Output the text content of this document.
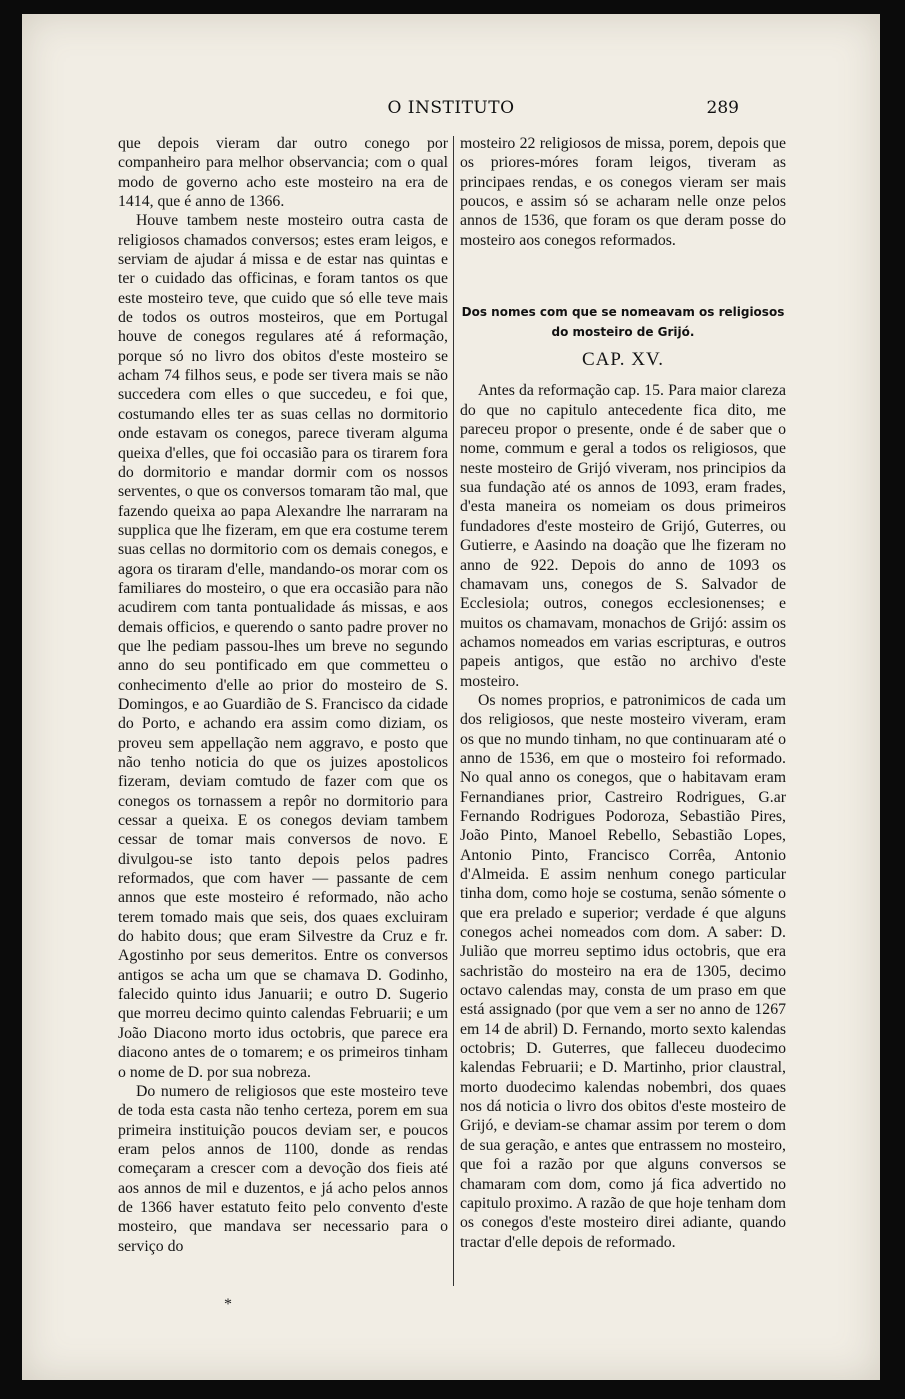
O INSTITUTO	289

que depois vieram dar outro conego por companheiro para melhor observancia; com o qual modo de governo acho este mosteiro na era de 1414, que é anno de 1366.

Houve tambem neste mosteiro outra casta de religiosos chamados conversos; estes eram leigos, e serviam de ajudar á missa e de estar nas quintas e ter o cuidado das officinas, e foram tantos os que este mosteiro teve, que cuido que só elle teve mais de todos os outros mosteiros, que em Portugal houve de conegos regulares até á reformação, porque só no livro dos obitos d'este mosteiro se acham 74 filhos seus, e pode ser tivera mais se não succedera com elles o que succedeu, e foi que, costumando elles ter as suas cellas no dormitorio onde estavam os conegos, parece tiveram alguma queixa d'elles, que foi occasião para os tirarem fora do dormitorio e mandar dormir com os nossos serventes, o que os conversos tomaram tão mal, que fazendo queixa ao papa Alexandre lhe narraram na supplica que lhe fizeram, em que era costume terem suas cellas no dormitorio com os demais conegos, e agora os tiraram d'elle, mandando-os morar com os familiares do mosteiro, o que era occasião para não acudirem com tanta pontualidade ás missas, e aos demais officios, e querendo o santo padre prover no que lhe pediam passou-lhes um breve no segundo anno do seu pontificado em que commetteu o conhecimento d'elle ao prior do mosteiro de S. Domingos, e ao Guardião de S. Francisco da cidade do Porto, e achando era assim como diziam, os proveu sem appellação nem aggravo, e posto que não tenho noticia do que os juizes apostolicos fizeram, deviam comtudo de fazer com que os conegos os tornassem a repôr no dormitorio para cessar a queixa. E os conegos deviam tambem cessar de tomar mais conversos de novo. E divulgou-se isto tanto depois pelos padres reformados, que com haver — passante de cem annos que este mosteiro é reformado, não acho terem tomado mais que seis, dos quaes excluiram do habito dous; que eram Silvestre da Cruz e fr. Agostinho por seus demeritos. Entre os conversos antigos se acha um que se chamava D. Godinho, falecido quinto idus Januarii; e outro D. Sugerio que morreu decimo quinto calendas Februarii; e um João Diacono morto idus octobris, que parece era diacono antes de o tomarem; e os primeiros tinham o nome de D. por sua nobreza.

Do numero de religiosos que este mosteiro teve de toda esta casta não tenho certeza, porem em sua primeira instituição poucos deviam ser, e poucos eram pelos annos de 1100, donde as rendas começaram a crescer com a devoção dos fieis até aos annos de mil e duzentos, e já acho pelos annos de 1366 haver estatuto feito pelo convento d'este mosteiro, que mandava ser necessario para o serviço do

mosteiro 22 religiosos de missa, porem, depois que os priores-móres foram leigos, tiveram as principaes rendas, e os conegos vieram ser mais poucos, e assim só se acharam nelle onze pelos annos de 1536, que foram os que deram posse do mosteiro aos conegos reformados.

Dos nomes com que se nomeavam os religiosos do mosteiro de Grijó.
CAP. XV.

Antes da reformação cap. 15. Para maior clareza do que no capitulo antecedente fica dito, me pareceu propor o presente, onde é de saber que o nome, commum e geral a todos os religiosos, que neste mosteiro de Grijó viveram, nos principios da sua fundação até os annos de 1093, eram frades, d'esta maneira os nomeiam os dous primeiros fundadores d'este mosteiro de Grijó, Guterres, ou Gutierre, e Aasindo na doação que lhe fizeram no anno de 922. Depois do anno de 1093 os chamavam uns, conegos de S. Salvador de Ecclesiola; outros, conegos ecclesionenses; e muitos os chamavam, monachos de Grijó: assim os achamos nomeados em varias escripturas, e outros papeis antigos, que estão no archivo d'este mosteiro.

Os nomes proprios, e patronimicos de cada um dos religiosos, que neste mosteiro viveram, eram os que no mundo tinham, no que continuaram até o anno de 1536, em que o mosteiro foi reformado. No qual anno os conegos, que o habitavam eram Fernandianes prior, Castreiro Rodrigues, G.ar Fernando Rodrigues Podoroza, Sebastião Pires, João Pinto, Manoel Rebello, Sebastião Lopes, Antonio Pinto, Francisco Corrêa, Antonio d'Almeida. E assim nenhum conego particular tinha dom, como hoje se costuma, senão sómente o que era prelado e superior; verdade é que alguns conegos achei nomeados com dom. A saber: D. Julião que morreu septimo idus octobris, que era sachristão do mosteiro na era de 1305, decimo octavo calendas may, consta de um praso em que está assignado (por que vem a ser no anno de 1267 em 14 de abril) D. Fernando, morto sexto kalendas octobris; D. Guterres, que falleceu duodecimo kalendas Februarii; e D. Martinho, prior claustral, morto duodecimo kalendas nobembri, dos quaes nos dá noticia o livro dos obitos d'este mosteiro de Grijó, e deviam-se chamar assim por terem o dom de sua geração, e antes que entrassem no mosteiro, que foi a razão por que alguns conversos se chamaram com dom, como já fica advertido no capitulo proximo. A razão de que hoje tenham dom os conegos d'este mosteiro direi adiante, quando tractar d'elle depois de reformado.

*
